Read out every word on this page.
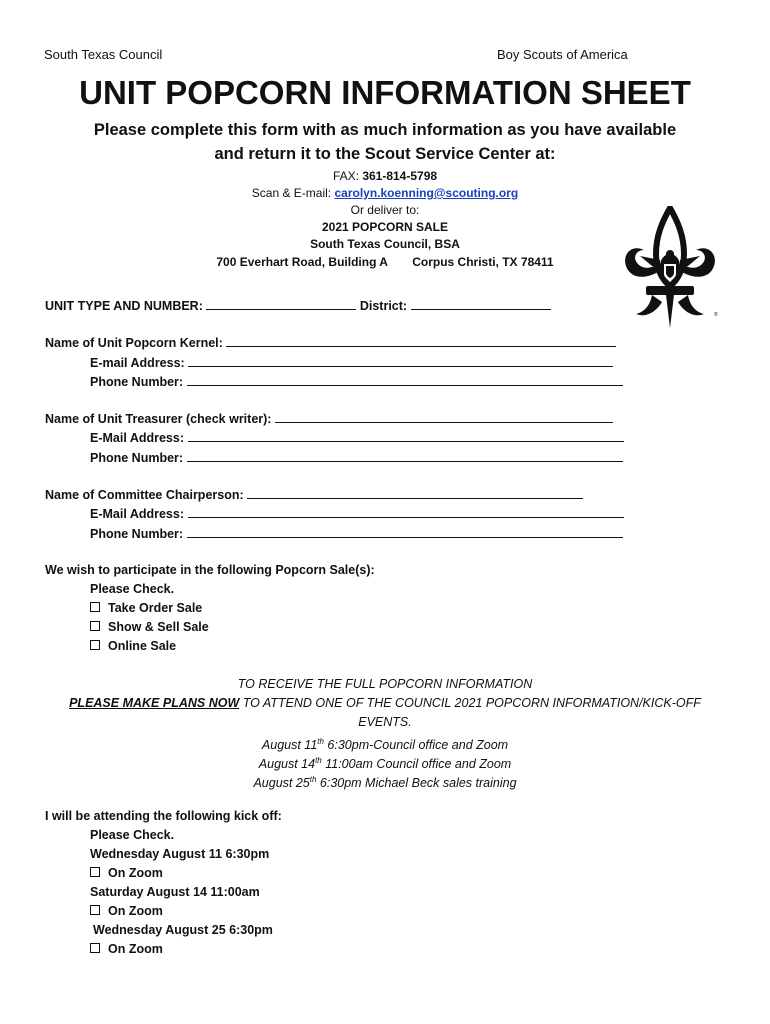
South Texas Council	Boy Scouts of America
UNIT POPCORN INFORMATION SHEET
Please complete this form with as much information as you have available
and return it to the Scout Service Center at:
FAX: 361-814-5798
Scan & E-mail: carolyn.koenning@scouting.org
Or deliver to:
2021 POPCORN SALE
South Texas Council, BSA
700 Everhart Road, Building A Corpus Christi, TX 78411
®
UNIT TYPE AND NUMBER:	District:
Name of Unit Popcorn Kernel:
E-mail Address:
Phone Number:
Name of Unit Treasurer (check writer):
E-Mail Address:
Phone Number:
Name of Committee Chairperson:
E-Mail Address:
Phone Number:
We wish to participate in the following Popcorn Sale(s):
Please Check.
Take Order Sale
Show & Sell Sale
Online Sale
TO RECEIVE THE FULL POPCORN INFORMATION
PLEASE MAKE PLANS NOW TO ATTEND ONE OF THE COUNCIL 2021 POPCORN INFORMATION/KICK-OFF
EVENTS.
August 11th 6:30pm-Council office and Zoom
August 14th 11:00am Council office and Zoom
August 25th 6:30pm Michael Beck sales training
I will be attending the following kick off:
Please Check.
Wednesday August 11 6:30pm
On Zoom
Saturday August 14 11:00am
On Zoom
Wednesday August 25 6:30pm
On Zoom
